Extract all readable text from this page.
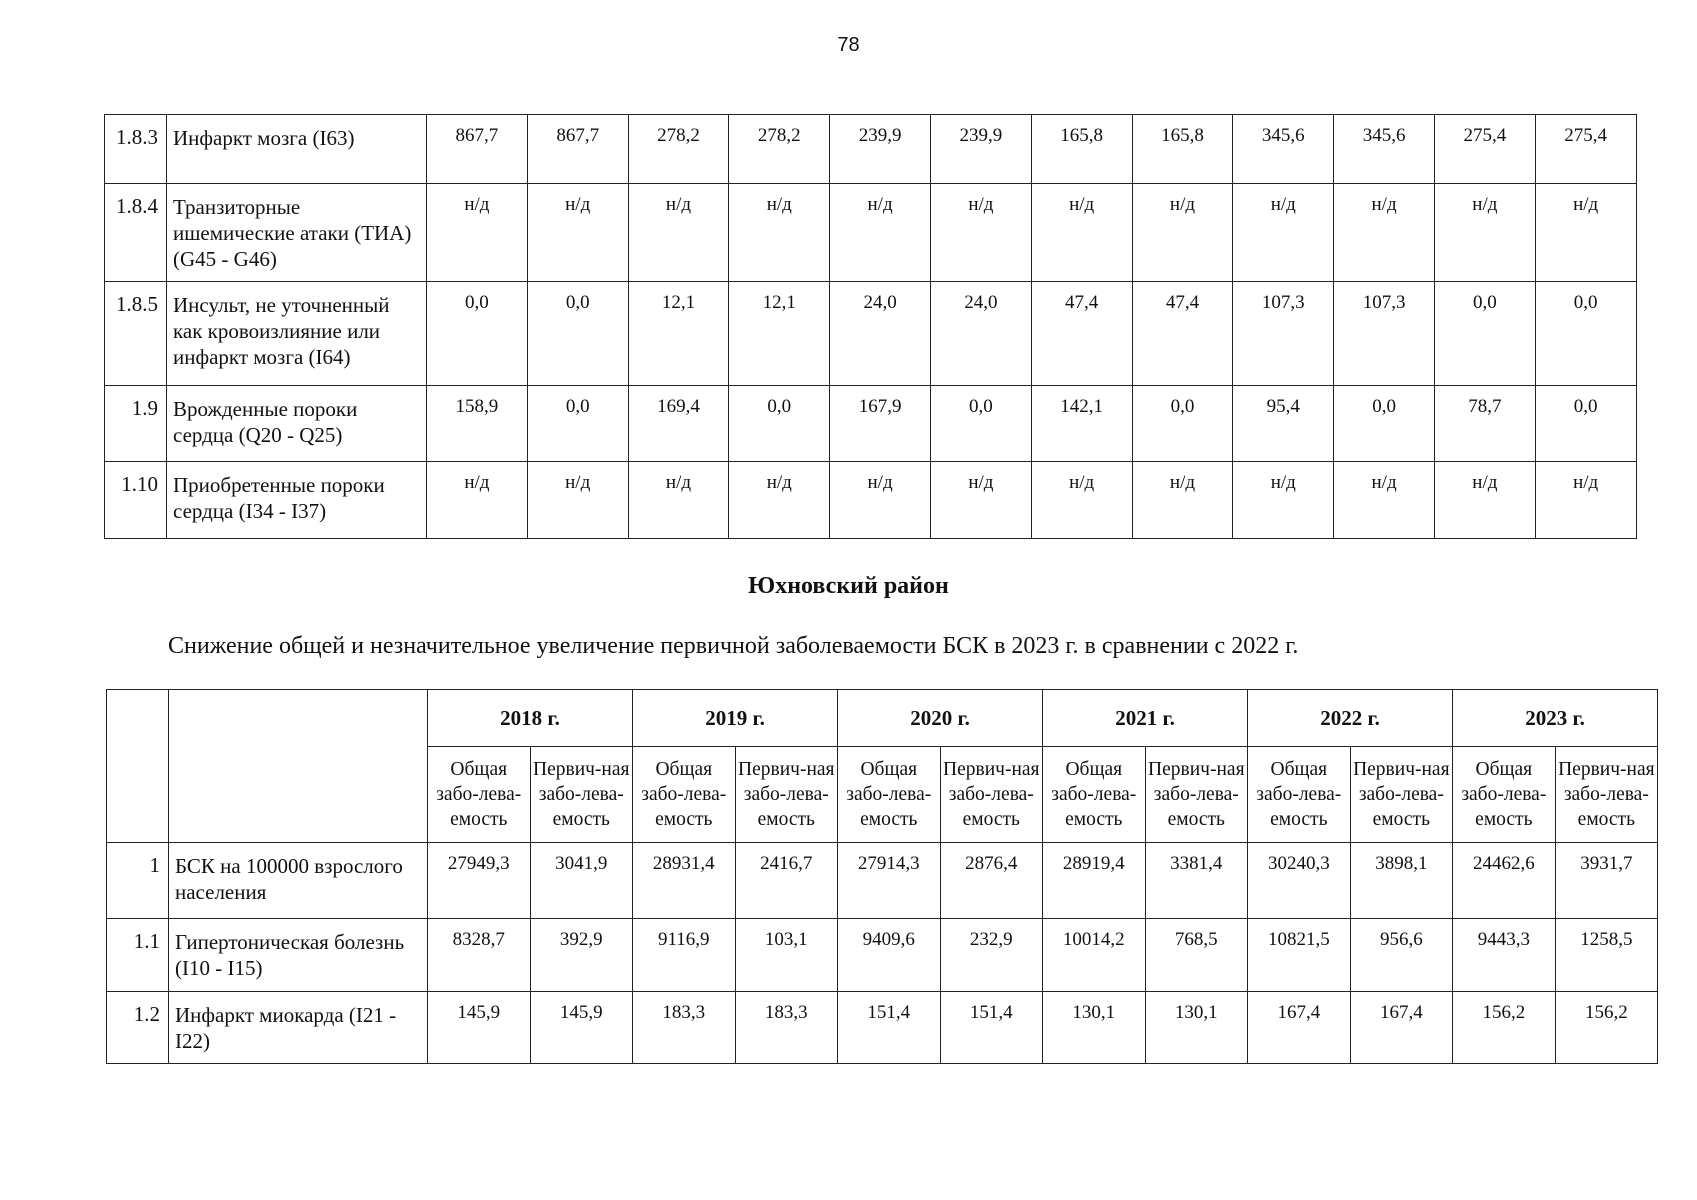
78
1.8.3	Инфаркт мозга (I63)	867,7	867,7	278,2	278,2	239,9	239,9	165,8	165,8	345,6	345,6	275,4	275,4
1.8.4	Транзиторные ишемические атаки (ТИА) (G45 - G46)	н/д	н/д	н/д	н/д	н/д	н/д	н/д	н/д	н/д	н/д	н/д	н/д
1.8.5	Инсульт, не уточненный как кровоизлияние или инфаркт мозга (I64)	0,0	0,0	12,1	12,1	24,0	24,0	47,4	47,4	107,3	107,3	0,0	0,0
1.9	Врожденные пороки сердца (Q20 - Q25)	158,9	0,0	169,4	0,0	167,9	0,0	142,1	0,0	95,4	0,0	78,7	0,0
1.10	Приобретенные пороки сердца (I34 - I37)	н/д	н/д	н/д	н/д	н/д	н/д	н/д	н/д	н/д	н/д	н/д	н/д
Юхновский район
Снижение общей и незначительное увеличение первичной заболеваемости БСК в 2023 г. в сравнении с 2022 г.
		2018 г.		2019 г.		2020 г.		2021 г.		2022 г.		2023 г.	
		Общая забо-лева-емость	Первич-ная забо-лева-емость	Общая забо-лева-емость	Первич-ная забо-лева-емость	Общая забо-лева-емость	Первич-ная забо-лева-емость	Общая забо-лева-емость	Первич-ная забо-лева-емость	Общая забо-лева-емость	Первич-ная забо-лева-емость	Общая забо-лева-емость	Первич-ная забо-лева-емость
1	БСК на 100000 взрослого населения	27949,3	3041,9	28931,4	2416,7	27914,3	2876,4	28919,4	3381,4	30240,3	3898,1	24462,6	3931,7
1.1	Гипертоническая болезнь (I10 - I15)	8328,7	392,9	9116,9	103,1	9409,6	232,9	10014,2	768,5	10821,5	956,6	9443,3	1258,5
1.2	Инфаркт миокарда (I21 - I22)	145,9	145,9	183,3	183,3	151,4	151,4	130,1	130,1	167,4	167,4	156,2	156,2
